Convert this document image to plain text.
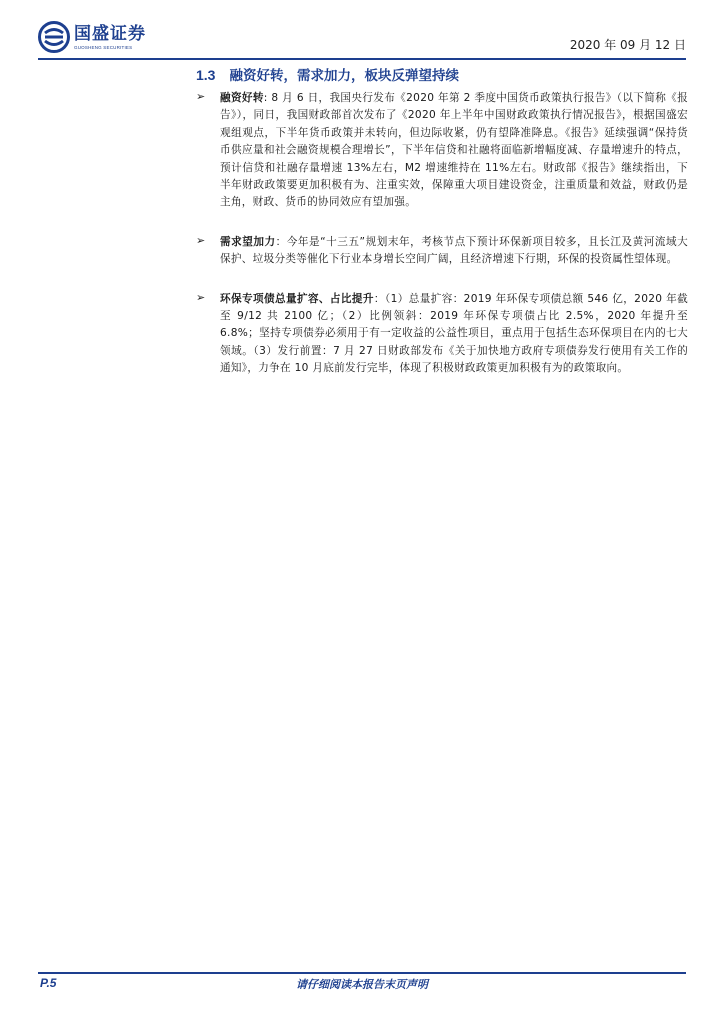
国盛证券
GUOSHENG SECURITIES	2020 年 09 月 12 日
1.3 融资好转，需求加力，板块反弹望持续
➢	融资好转: 8 月 6 日，我国央行发布《2020 年第 2 季度中国货币政策执行报告》（以下简称《报告》），同日，我国财政部首次发布了《2020 年上半年中国财政政策执行情况报告》，根据国盛宏观组观点，下半年货币政策并未转向，但边际收紧，仍有望降准降息。《报告》延续强调“保持货币供应量和社会融资规模合理增长”，下半年信贷和社融将面临新增幅度减、存量增速升的特点，预计信贷和社融存量增速 13%左右，M2 增速维持在 11%左右。财政部《报告》继续指出，下半年财政政策要更加积极有为、注重实效，保障重大项目建设资金，注重质量和效益，财政仍是主角，财政、货币的协同效应有望加强。
➢	需求望加力：今年是“十三五”规划末年，考核节点下预计环保新项目较多，且长江及黄河流域大保护、垃圾分类等催化下行业本身增长空间广阔，且经济增速下行期，环保的投资属性望体现。
➢	环保专项债总量扩容、占比提升：（1）总量扩容：2019 年环保专项债总额 546 亿，2020 年截至 9/12 共 2100 亿；（2）比例领斜：2019 年环保专项债占比 2.5%，2020 年提升至 6.8%；坚持专项债券必须用于有一定收益的公益性项目，重点用于包括生态环保项目在内的七大领域。（3）发行前置：7 月 27 日财政部发布《关于加快地方政府专项债券发行使用有关工作的通知》，力争在 10 月底前发行完毕，体现了积极财政政策更加积极有为的政策取向。
请仔细阅读本报告末页声明
P.5
